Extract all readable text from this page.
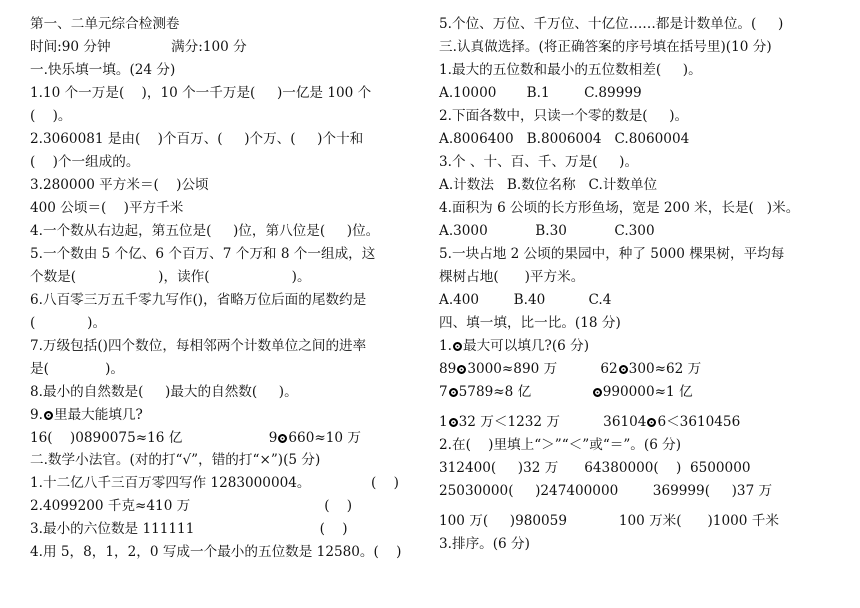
第一、二单元综合检测卷
时间:90 分钟              满分:100 分
一.快乐填一填。(24 分)
1.10 个一万是(    )，10 个一千万是(     )一亿是 100 个
(    )。
2.3060081 是由(    )个百万、(     )个万、(     )个十和
(    )个一组成的。
3.280000 平方米＝(    )公顷
400 公顷＝(    )平方千米
4.一个数从右边起，第五位是(     )位，第八位是(     )位。
5.一个数由 5 个亿、6 个百万、7 个万和 8 个一组成，这
个数是(                   )，读作(                   )。
6.八百零三万五千零九写作()，省略万位后面的尾数约是
(            )。
7.万级包括()四个数位，每相邻两个计数单位之间的进率
是(             )。
8.最小的自然数是(     )最大的自然数(     )。
9. 里最大能填几?
16(    )0890075≈16 亿                    9 660≈10 万
二.数学小法官。(对的打“√”，错的打“×”)(5 分)
1.十二亿八千三百万零四写作 1283000004。              (    )
2.4099200 千克≈410 万                               (    )
3.最小的六位数是 111111                             (    )
4.用 5，8，1，2，0 写成一个最小的五位数是 12580。(    )
5.个位、万位、千万位、十亿位……都是计数单位。(     )
三.认真做选择。(将正确答案的序号填在括号里)(10 分)
1.最大的五位数和最小的五位数相差(     )。
A.10000       B.1        C.89999
2.下面各数中，只读一个零的数是(     )。
A.8006400   B.8006004   C.8060004
3.个 、十、百、千、万是(     )。
A.计数法   B.数位名称   C.计数单位
4.面积为 6 公顷的长方形鱼场，宽是 200 米，长是(   )米。
A.3000           B.30           C.300
5.一块占地 2 公顷的果园中，种了 5000 棵果树，平均每
棵树占地(      )平方米。
A.400        B.40          C.4
四、填一填，比一比。(18 分)
1. 最大可以填几?(6 分)
89 3000≈890 万          62 300≈62 万
7 5789≈8 亿              990000≈1 亿
1 32 万＜1232 万          36104 6＜3610456
2.在(    )里填上“＞”“＜”或“＝”。(6 分)
312400(     )32 万      64380000(    )  6500000
25030000(     )247400000        369999(     )37 万
100 万(     )980059            100 万米(      )1000 千米
3.排序。(6 分)
